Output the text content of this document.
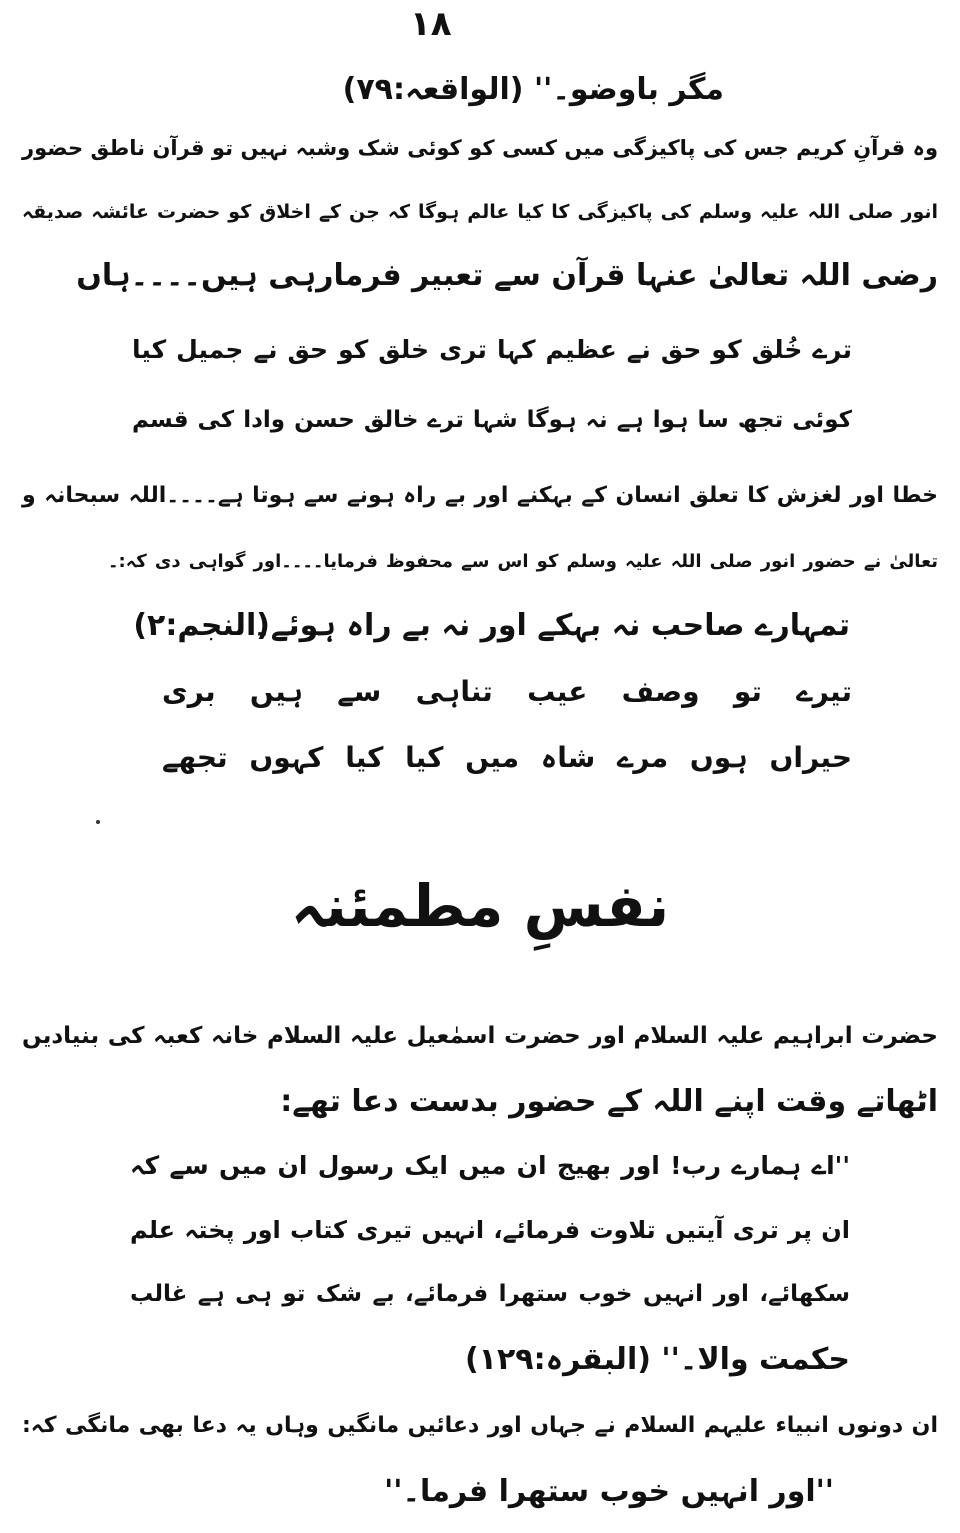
۱۸
مگر باوضو۔'' (الواقعہ:۷۹)
وہ قرآنِ کریم جس کی پاکیزگی میں کسی کو کوئی شک وشبہ نہیں تو قرآن ناطق حضور
انور صلی اللہ علیہ وسلم کی پاکیزگی کا کیا عالم ہوگا کہ جن کے اخلاق کو حضرت عائشہ صدیقہ
رضی اللہ تعالیٰ عنہا قرآن سے تعبیر فرمارہی ہیں۔۔۔۔ہاں
ترے خُلق کو حق نے عظیم کہا تری خلق کو حق نے جمیل کیا
کوئی تجھ سا ہوا ہے نہ ہوگا شہا ترے خالق حسن وادا کی قسم
خطا اور لغزش کا تعلق انسان کے بہکنے اور بے راہ ہونے سے ہوتا ہے۔۔۔۔اللہ سبحانہ و
تعالیٰ نے حضور انور صلی اللہ علیہ وسلم کو اس سے محفوظ فرمایا۔۔۔۔اور گواہی دی کہ:۔
تمہارے صاحب نہ بہکے اور نہ بے راہ ہوئے۔
(النجم:۲)
تیرے تو وصف عیب تناہی سے ہیں بری
حیراں ہوں مرے شاہ میں کیا کیا کہوں تجھے
نفسِ مطمئنہ
حضرت ابراہیم علیہ السلام اور حضرت اسمٰعیل علیہ السلام خانہ کعبہ کی بنیادیں
اٹھاتے وقت اپنے اللہ کے حضور بدست دعا تھے:
''اے ہمارے رب! اور بھیج ان میں ایک رسول ان میں سے کہ
ان پر تری آیتیں تلاوت فرمائے، انہیں تیری کتاب اور پختہ علم
سکھائے، اور انہیں خوب ستھرا فرمائے، بے شک تو ہی ہے غالب
حکمت والا۔'' (البقرہ:۱۲۹)
ان دونوں انبیاء علیہم السلام نے جہاں اور دعائیں مانگیں وہاں یہ دعا بھی مانگی کہ:
''اور انہیں خوب ستھرا فرما۔''
